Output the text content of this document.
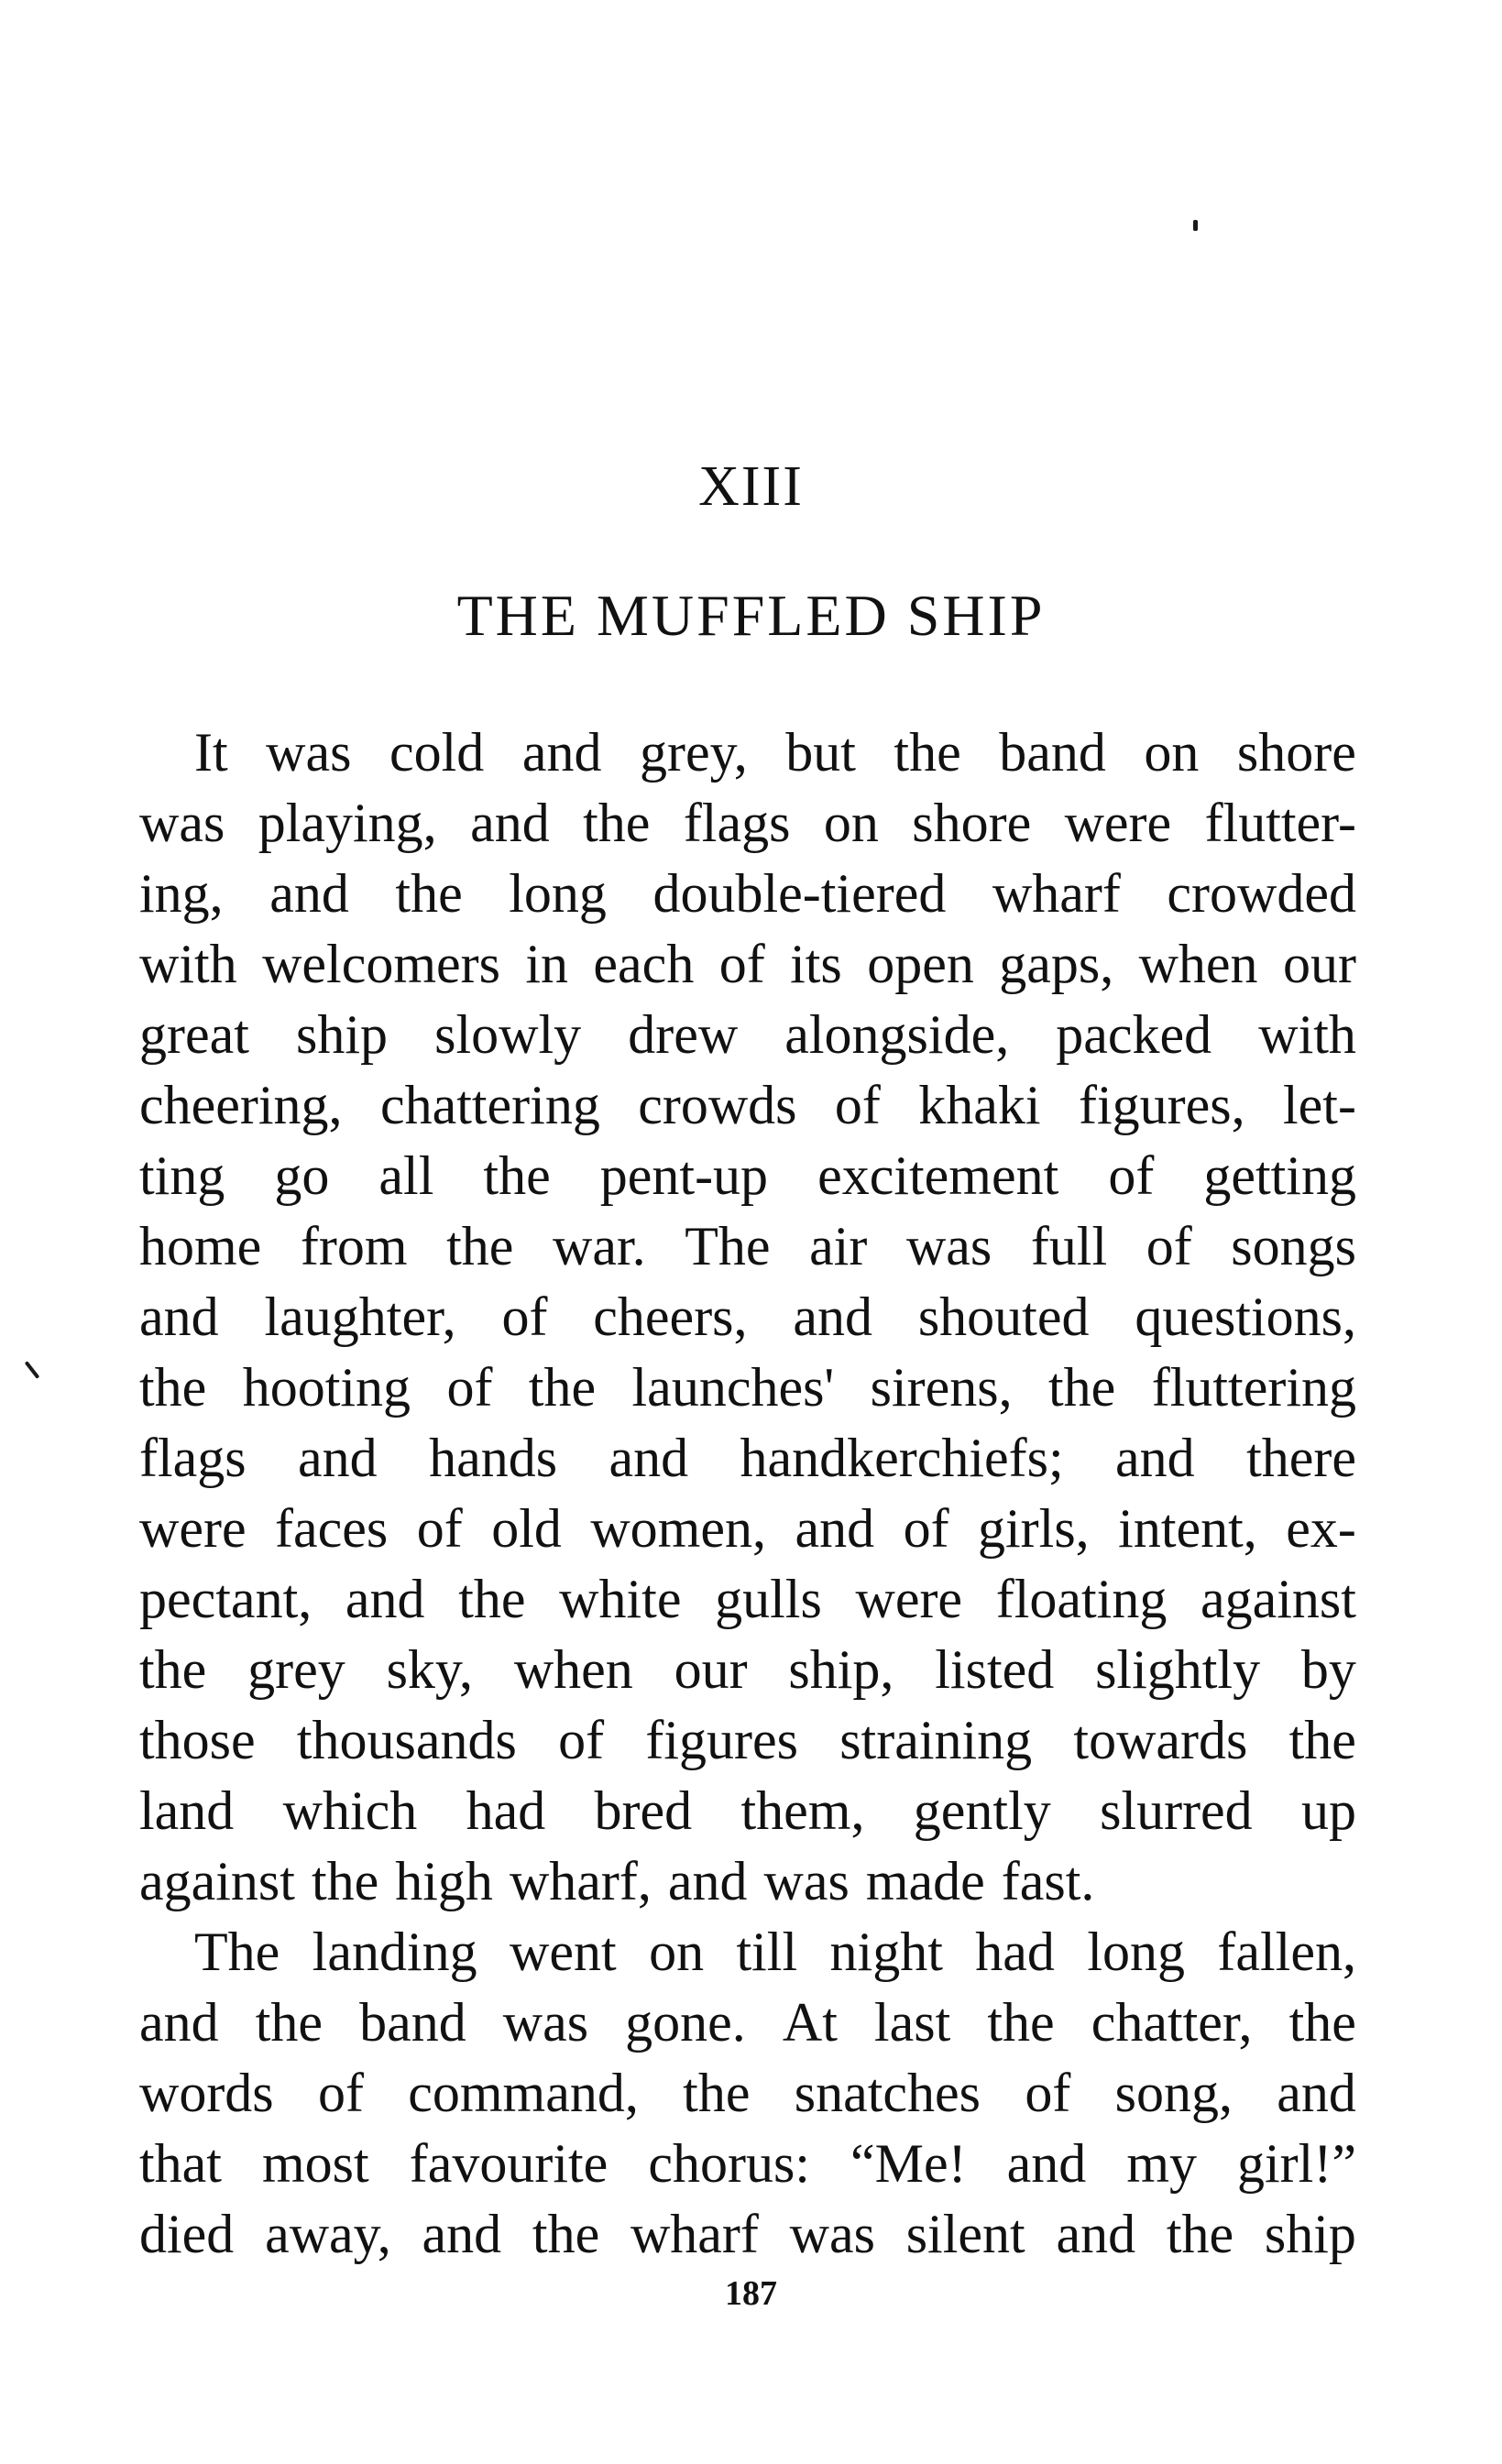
XIII
THE MUFFLED SHIP
It was cold and grey, but the band on shore
was playing, and the flags on shore were flutter-
ing, and the long double-tiered wharf crowded
with welcomers in each of its open gaps, when our
great ship slowly drew alongside, packed with
cheering, chattering crowds of khaki figures, let-
ting go all the pent-up excitement of getting
home from the war. The air was full of songs
and laughter, of cheers, and shouted questions,
the hooting of the launches' sirens, the fluttering
flags and hands and handkerchiefs; and there
were faces of old women, and of girls, intent, ex-
pectant, and the white gulls were floating against
the grey sky, when our ship, listed slightly by
those thousands of figures straining towards the
land which had bred them, gently slurred up
against the high wharf, and was made fast.
The landing went on till night had long fallen,
and the band was gone. At last the chatter, the
words of command, the snatches of song, and
that most favourite chorus: “Me! and my girl!”
died away, and the wharf was silent and the ship
187
